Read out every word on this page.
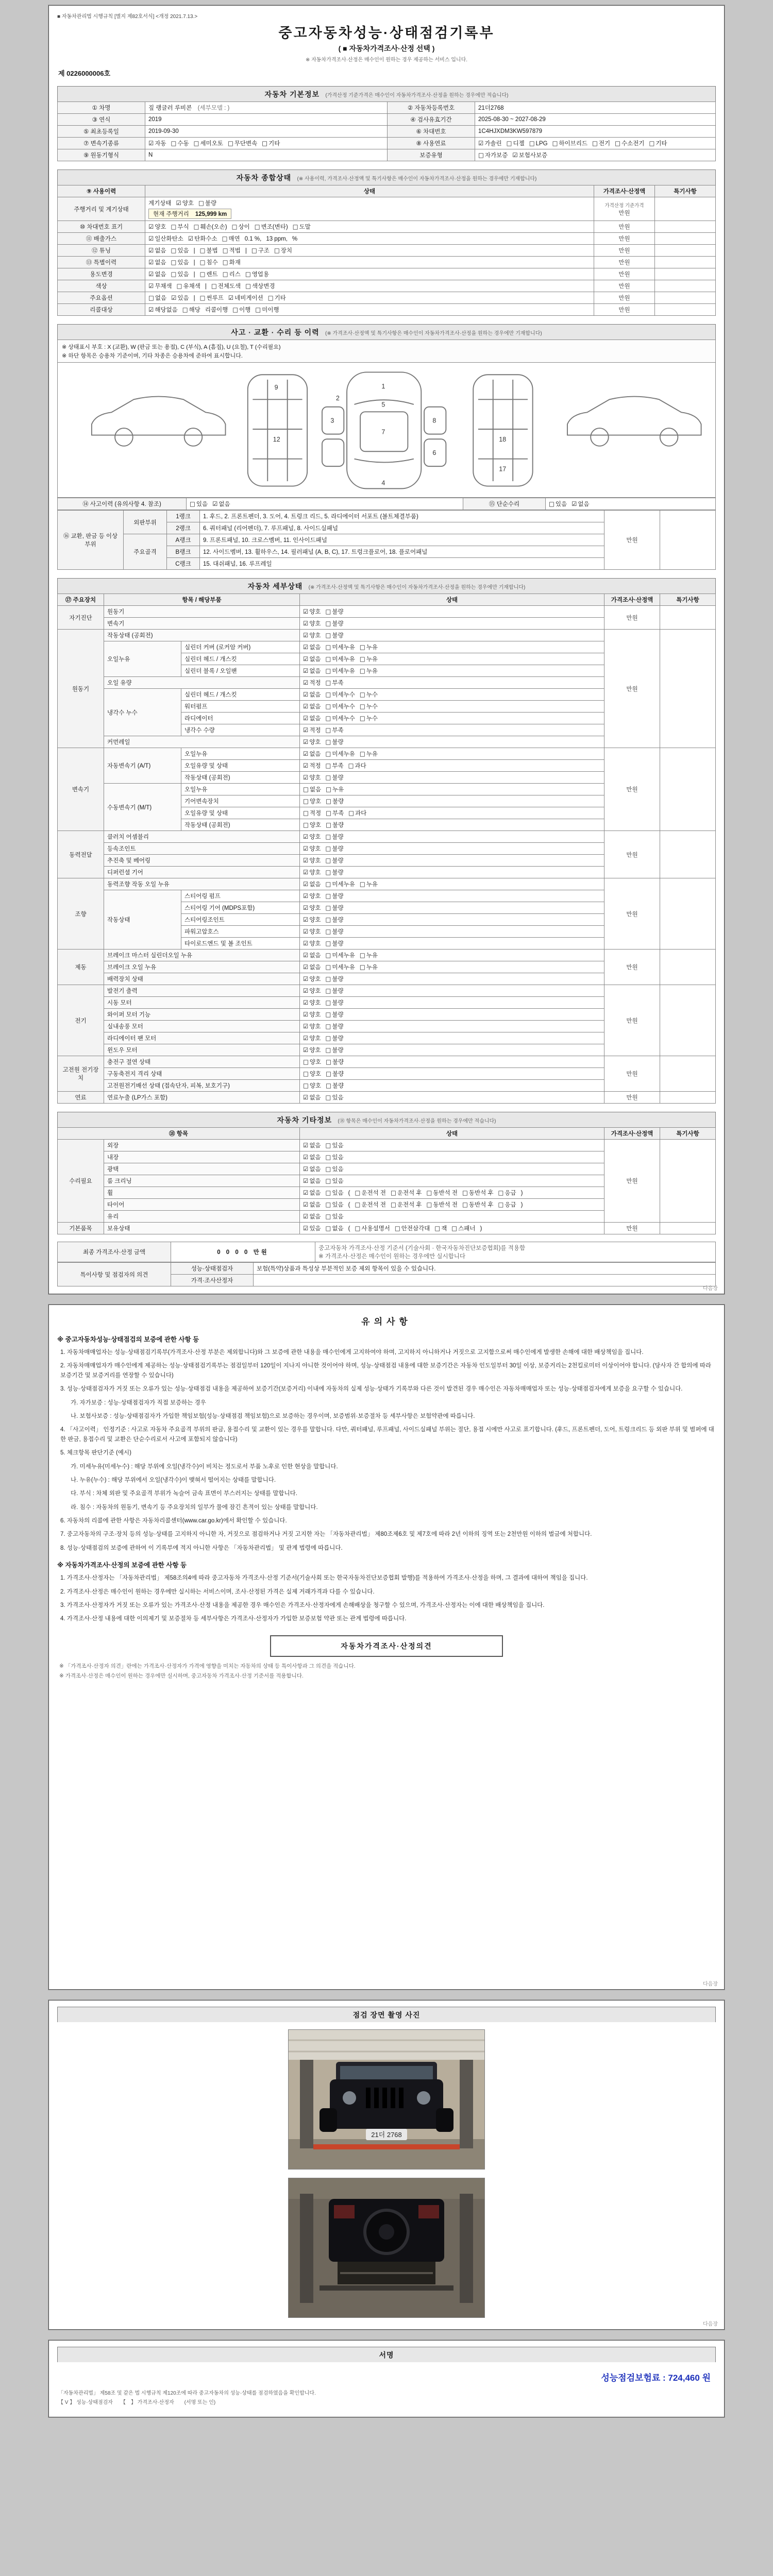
■ 자동차관리법 시행규칙 [별지 제82호서식] <개정 2021.7.13.>
중고자동차성능·상태점검기록부
( ■ 자동차가격조사·산정 선택 )
※ 자동차가격조사·산정은 매수인이 원하는 경우 제공하는 서비스 입니다.
제 0226000006호
자동차 기본정보 (가격산정 기준가격은 매수인이 자동차가격조사·산정을 원하는 경우에만 적습니다)
① 차명	짚 랭글러 루비콘　 (세부모델 : )	② 자동차등록번호	21더2768
③ 연식	2019	④ 검사유효기간	2025-08-30 ~ 2027-08-29
⑤ 최초등록일	2019-09-30	⑥ 차대번호	1C4HJXDM3KW597879
⑦ 변속기종류	☑ 자동 □ 수동 □ 세미오토 □ 무단변속 □ 기타	⑧ 사용연료	☑ 가솔린 □ 디젤 □ LPG □ 하이브리드 □ 전기 □ 수소전기 □ 기타
⑨ 원동기형식	N	보증유형	□ 자가보증 ☑ 보험사보증
자동차 종합상태 (※ 사용이력, 가격조사·산정액 및 특기사항은 매수인이 자동차가격조사·산정을 원하는 경우에만 기재합니다)
⑨ 사용이력	상태	가격조사·산정액	특기사항
주행거리 및 계기상태	계기상태 ☑ 양호 □ 불량
현재 주행거리 125,999 km	
가격산정 기준가격
만원

⑩ 차대번호 표기	☑ 양호 □ 부식 □ 훼손(오손) □ 상이 □ 변조(변타) □ 도말	만원	

⑪ 배출가스	☑ 일산화탄소 ☑ 탄화수소 □ 매연 0.1 %, 13 ppm, %	만원	

⑫ 튜닝	☑ 없음 □ 있음 | □ 불법 □ 적법 | □ 구조 □ 장치	만원	

⑬ 특별이력	☑ 없음 □ 있음 | □ 침수 □ 화재	만원	

용도변경	☑ 없음 □ 있음 | □ 렌트 □ 리스 □ 영업용	만원	

색상	☑ 무채색 □ 유채색 | □ 전체도색 □ 색상변경	만원	

주요옵션	□ 없음 ☑ 있음 | □ 썬루프 ☑ 네비게이션 □ 기타	만원	

리콜대상	☑ 해당없음 □ 해당 리콜이행 □ 이행 □ 미이행	만원	

사고 · 교환 · 수리 등 이력 (※ 가격조사·산정액 및 특기사항은 매수인이 자동차가격조사·산정을 원하는 경우에만 기재합니다)
※ 상태표시 부호 : X (교환), W (판금 또는 용접), C (부식), A (흠집), U (요철), T (수리필요)
※ 하단 항목은 승용차 기준이며, 기타 차종은 승용차에 준하여 표시합니다.
1
2
3
4
5
6
7
8
9
12
17
18
⑭ 사고이력 (유의사항 4. 참조)	□ 있음 ☑ 없음	⑮ 단순수리	□ 있음 ☑ 없음
⑯ 교환, 판금 등 이상 부위	외판부위	1랭크	1. 후드, 2. 프론트펜더, 3. 도어, 4. 트렁크 리드, 5. 라디에이터 서포트 (볼트체결부품)	만원	
		2랭크	6. 쿼터패널 (리어펜더), 7. 루프패널, 8. 사이드실패널		
	주요골격	A랭크	9. 프론트패널, 10. 크로스멤버, 11. 인사이드패널		
		B랭크	12. 사이드멤버, 13. 휠하우스, 14. 필러패널 (A, B, C), 17. 트렁크플로어, 18. 플로어패널		
		C랭크	15. 대쉬패널, 16. 루프레일		
자동차 세부상태 (※ 가격조사·산정액 및 특기사항은 매수인이 자동차가격조사·산정을 원하는 경우에만 기재합니다)
⑰ 주요장치	항목 / 해당부품		상태	가격조사·산정액	특기사항
자기진단	원동기		☑ 양호 □ 불량	만원	
	변속기		☑ 양호 □ 불량		
원동기	작동상태 (공회전)		☑ 양호 □ 불량	만원	
	오일누유	실린더 커버 (로커암 커버)	☑ 없음 □ 미세누유 □ 누유		
		실린더 헤드 / 개스킷	☑ 없음 □ 미세누유 □ 누유		
		실린더 블록 / 오일팬	☑ 없음 □ 미세누유 □ 누유		
	오일 유량		☑ 적정 □ 부족		
	냉각수 누수	실린더 헤드 / 개스킷	☑ 없음 □ 미세누수 □ 누수		
		워터펌프	☑ 없음 □ 미세누수 □ 누수		
		라디에이터	☑ 없음 □ 미세누수 □ 누수		
		냉각수 수량	☑ 적정 □ 부족		
	커먼레일		☑ 양호 □ 불량		
변속기	자동변속기 (A/T)	오일누유	☑ 없음 □ 미세누유 □ 누유	만원	
		오일유량 및 상태	☑ 적정 □ 부족 □ 과다		
		작동상태 (공회전)	☑ 양호 □ 불량		
	수동변속기 (M/T)	오일누유	□ 없음 □ 누유		
		기어변속장치	□ 양호 □ 불량		
		오일유량 및 상태	□ 적정 □ 부족 □ 과다		
		작동상태 (공회전)	□ 양호 □ 불량		
동력전달	클러치 어셈블리		☑ 양호 □ 불량	만원	
	등속조인트		☑ 양호 □ 불량		
	추진축 및 베어링		☑ 양호 □ 불량		
	디퍼런셜 기어		☑ 양호 □ 불량		
조향	동력조향 작동 오일 누유		☑ 없음 □ 미세누유 □ 누유	만원	
	작동상태	스티어링 펌프	☑ 양호 □ 불량		
		스티어링 기어 (MDPS포함)	☑ 양호 □ 불량		
		스티어링조인트	☑ 양호 □ 불량		
		파워고압호스	☑ 양호 □ 불량		
		타이로드엔드 및 볼 조인트	☑ 양호 □ 불량		
제동	브레이크 마스터 실린더오일 누유		☑ 없음 □ 미세누유 □ 누유	만원	
	브레이크 오일 누유		☑ 없음 □ 미세누유 □ 누유		
	배력장치 상태		☑ 양호 □ 불량		
전기	발전기 출력		☑ 양호 □ 불량	만원	
	시동 모터		☑ 양호 □ 불량		
	와이퍼 모터 기능		☑ 양호 □ 불량		
	실내송풍 모터		☑ 양호 □ 불량		
	라디에이터 팬 모터		☑ 양호 □ 불량		
	윈도우 모터		☑ 양호 □ 불량		
고전원 전기장치	충전구 절연 상태		□ 양호 □ 불량	만원	
	구동축전지 격리 상태		□ 양호 □ 불량		
	고전원전기배선 상태 (접속단자, 피복, 보호기구)		□ 양호 □ 불량		
연료	연료누출 (LP가스 포함)		☑ 없음 □ 있음	만원	
자동차 기타정보 (⑱ 항목은 매수인이 자동차가격조사·산정을 원하는 경우에만 적습니다)
⑱ 항목		상태	가격조사·산정액	특기사항
수리필요	외장	☑ 없음 □ 있음	만원	
	내장	☑ 없음 □ 있음		
	광택	☑ 없음 □ 있음		
	룸 크리닝	☑ 없음 □ 있음		
	휠	☑ 없음 □ 있음 ( □ 운전석 전 □ 운전석 후 □ 동반석 전 □ 동반석 후 □ 응급 )		
	타이어	☑ 없음 □ 있음 ( □ 운전석 전 □ 운전석 후 □ 동반석 전 □ 동반석 후 □ 응급 )		
	유리	☑ 없음 □ 있음		
기본품목	보유상태	☑ 있음 □ 없음 ( □ 사용설명서 □ 안전삼각대 □ 잭 □ 스패너 )	만원	
최종 가격조사·산정 금액	0 0 0 0 만원	
중고자동차 가격조사·산정 기준서 (기술사회 · 한국자동차진단보증협회)를 적용함
※ 가격조사·산정은 매수인이 원하는 경우에만 실시합니다
특이사항 및 점검자의 의견	성능·상태점검자	보험(특약)상품과 특성상 부분적인 보증 제외 항목이 있을 수 있습니다.
	가격·조사산정자	
다음장
유의사항
※ 중고자동차성능·상태점검의 보증에 관한 사항 등
1. 자동차매매업자는 성능·상태점검기록부(가격조사·산정 부분은 제외합니다)와 그 보증에 관한 내용을 매수인에게 고지하여야 하며, 고지하지 아니하거나 거짓으로 고지함으로써 매수인에게 발생한 손해에 대한 배상책임을 집니다.
2. 자동차매매업자가 매수인에게 제공하는 성능·상태점검기록부는 점검일부터 120일이 지나지 아니한 것이어야 하며, 성능·상태점검 내용에 대한 보증기간은 자동차 인도일부터 30일 이상, 보증거리는 2천킬로미터 이상이어야 합니다. (당사자 간 합의에 따라 보증기간 및 보증거리를 연장할 수 있습니다)
3. 성능·상태점검자가 거짓 또는 오류가 있는 성능·상태점검 내용을 제공하여 보증기간(보증거리) 이내에 자동차의 실제 성능·상태가 기록부와 다른 것이 발견된 경우 매수인은 자동차매매업자 또는 성능·상태점검자에게 보증을 요구할 수 있습니다.
가. 자가보증 : 성능·상태점검자가 직접 보증하는 경우
나. 보험사보증 : 성능·상태점검자가 가입한 책임보험(성능·상태점검 책임보험)으로 보증하는 경우이며, 보증범위·보증절차 등 세부사항은 보험약관에 따릅니다.
4. 「사고이력」 인정기준 : 사고로 자동차 주요골격 부위의 판금, 용접수리 및 교환이 있는 경우를 말합니다. 다만, 쿼터패널, 루프패널, 사이드실패널 부위는 절단, 용접 시에만 사고로 표기합니다. (후드, 프론트펜더, 도어, 트렁크리드 등 외판 부위 및 범퍼에 대한 판금, 용접수리 및 교환은 단순수리로서 사고에 포함되지 않습니다)
5. 체크항목 판단기준 (예시)
가. 미세누유(미세누수) : 해당 부위에 오일(냉각수)이 비치는 정도로서 부품 노후로 인한 현상을 말합니다.
나. 누유(누수) : 해당 부위에서 오일(냉각수)이 맺혀서 떨어지는 상태를 말합니다.
다. 부식 : 차체 외판 및 주요골격 부위가 녹슬어 금속 표면이 부스러지는 상태를 말합니다.
라. 침수 : 자동차의 원동기, 변속기 등 주요장치의 일부가 물에 잠긴 흔적이 있는 상태를 말합니다.
6. 자동차의 리콜에 관한 사항은 자동차리콜센터(www.car.go.kr)에서 확인할 수 있습니다.
7. 중고자동차의 구조·장치 등의 성능·상태를 고지하지 아니한 자, 거짓으로 점검하거나 거짓 고지한 자는 「자동차관리법」 제80조제6호 및 제7호에 따라 2년 이하의 징역 또는 2천만원 이하의 벌금에 처합니다.
8. 성능·상태점검의 보증에 관하여 이 기록부에 적지 아니한 사항은 「자동차관리법」 및 관계 법령에 따릅니다.
※ 자동차가격조사·산정의 보증에 관한 사항 등
1. 가격조사·산정자는 「자동차관리법」 제58조의4에 따라 중고자동차 가격조사·산정 기준서(기술사회 또는 한국자동차진단보증협회 발행)를 적용하여 가격조사·산정을 하며, 그 결과에 대하여 책임을 집니다.
2. 가격조사·산정은 매수인이 원하는 경우에만 실시하는 서비스이며, 조사·산정된 가격은 실제 거래가격과 다를 수 있습니다.
3. 가격조사·산정자가 거짓 또는 오류가 있는 가격조사·산정 내용을 제공한 경우 매수인은 가격조사·산정자에게 손해배상을 청구할 수 있으며, 가격조사·산정자는 이에 대한 배상책임을 집니다.
4. 가격조사·산정 내용에 대한 이의제기 및 보증절차 등 세부사항은 가격조사·산정자가 가입한 보증보험 약관 또는 관계 법령에 따릅니다.
자동차가격조사·산정의견
※ 「가격조사·산정자 의견」란에는 가격조사·산정자가 가격에 영향을 미치는 자동차의 상태 등 특이사항과 그 의견을 적습니다.
※ 가격조사·산정은 매수인이 원하는 경우에만 실시하며, 중고자동차 가격조사·산정 기준서를 적용합니다.
다음장
점검 장면 촬영 사진
21더 2768
다음장
서명
성능점검보험료 : 724,460 원
「자동차관리법」 제58조 및 같은 법 시행규칙 제120조에 따라 중고자동차의 성능·상태를 점검하였음을 확인합니다.
【 V 】 성능·상태점검자　　【　】 가격조사·산정자　　(서명 또는 인)
